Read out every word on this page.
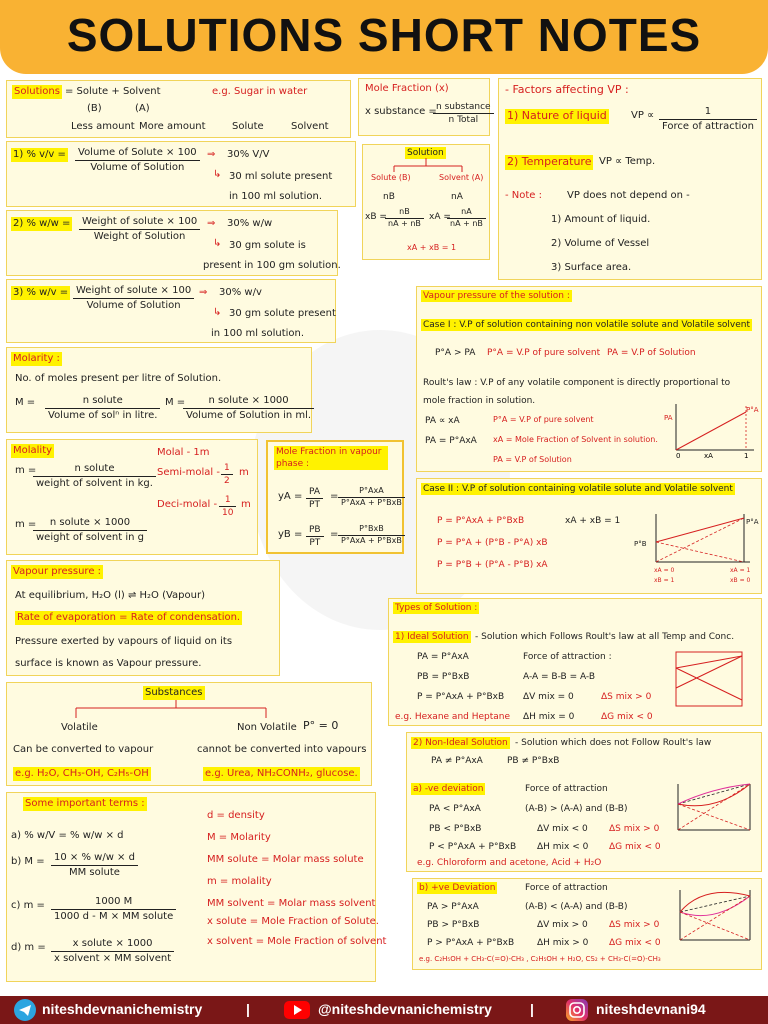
SOLUTIONS SHORT NOTES
Solutions = Solute + Solvent
(B)	(A)
Less amount More amount
e.g. Sugar in water
Solute	Solvent
1) % v/v =	Volume of Solute × 100
Volume of Solution
⇒ 30% V/V
↳ 30 ml solute present
in 100 ml solution.
2) % w/w =	Weight of solute × 100
Weight of Solution
⇒ 30% w/w
↳ 30 gm solute is
present in 100 gm solution.
3) % w/v = Weight of solute × 100
Volume of Solution
⇒ 30% w/v
↳ 30 gm solute present
in 100 ml solution.
Molarity :
No. of moles present per litre of Solution.
M =	n solute
Volume of solⁿ in litre.
M =	n solute × 1000
Volume of Solution in ml.
Molality
m =	n solute
weight of solvent in kg.
m =	n solute × 1000
weight of solvent in g
Molal - 1m
Semi-molal - $\frac{1}{2}$ m
Deci-molal - $\frac{1}{10}$ m
Mole Fraction (x)
x substance = n substance
n Total
Solution
Solute (B)	Solvent (A)
nB	nA
xB =
$\frac{nB}{nA + nB}$ xA =
$\frac{nA}{nA + nB}$
xA + xB = 1
- Factors affecting VP :
1) Nature of liquid VP ∝	1
Force of attraction
2) Temperature VP ∝ Temp.
- Note : VP does not depend on -
1) Amount of liquid.
2) Volume of Vessel
3) Surface area.
Vapour pressure of the solution :
Case I : V.P of solution containing non volatile solute and Volatile solvent
P°A > PA P°A = V.P of pure solvent PA = V.P of Solution
Roult's law : V.P of any volatile component is directly proportional to
mole fraction in solution.
PA ∝ xA	P°A = V.P of pure solvent
PA = P°AxA xA = Mole Fraction of Solvent in solution.
PA = V.P of Solution
PA
P°A
0	xA	1
Mole Fraction in vapour phase :
yA = $\frac{PA}{PT}$ =
P°AxA
P°AxA + P°BxB
yB = $\frac{PB}{PT}$ =
P°BxB
P°AxA + P°BxB
Case II : V.P of solution containing volatile solute and Volatile solvent
P = P°AxA + P°BxB	xA + xB = 1
P = P°A + (P°B - P°A) xB
P = P°B + (P°A - P°B) xA
P°B
P°A
xA = 0
xB = 1
xA = 1
xB = 0
Vapour pressure :
At equilibrium, H₂O (l) ⇌ H₂O (Vapour)
Rate of evaporation = Rate of condensation.
Pressure exerted by vapours of liquid on its
surface is known as Vapour pressure.
Types of Solution :
1) Ideal Solution - Solution which Follows Roult's law at all Temp and Conc.
PA = P°AxA
PB = P°BxB
P = P°AxA + P°BxB
Force of attraction :
A-A = B-B = A-B
ΔV mix = 0	ΔS mix > 0
e.g. Hexane and Heptane ΔH mix = 0	ΔG mix < 0
Substances
Volatile	Non Volatile P° = 0
Can be converted to vapour	cannot be converted into vapours
e.g. H₂O, CH₃-OH, C₂H₅-OH	e.g. Urea, NH₂CONH₂, glucose.
2) Non-Ideal Solution - Solution which does not Follow Roult's law
PA ≠ P°AxA	PB ≠ P°BxB
a) -ve deviation	Force of attraction
PA < P°AxA	(A-B) > (A-A) and (B-B)
PB < P°BxB	ΔV mix < 0 ΔS mix > 0
P < P°AxA + P°BxB ΔH mix < 0 ΔG mix < 0
e.g. Chloroform and acetone, Acid + H₂O
b) +ve Deviation	Force of attraction
PA > P°AxA	(A-B) < (A-A) and (B-B)
PB > P°BxB	ΔV mix > 0 ΔS mix > 0
P > P°AxA + P°BxB	ΔH mix > 0 ΔG mix < 0
e.g. C₂H₅OH + CH₃-C(=O)-CH₃ , C₂H₅OH + H₂O, CS₂ + CH₃-C(=O)-CH₃
Some important terms :
a) % w/V = % w/w × d
b) M = 10 × % w/w × d
MM solute
c) m =	1000 M
1000 d - M × MM solute
d) m =	x solute × 1000
x solvent × MM solvent
d = density
M = Molarity
MM solute = Molar mass solute
m = molality
MM solvent = Molar mass solvent
x solute = Mole Fraction of Solute.
x solvent = Mole Fraction of solvent
niteshdevnanichemistry	|	@niteshdevnanichemistry	|	niteshdevnani94
